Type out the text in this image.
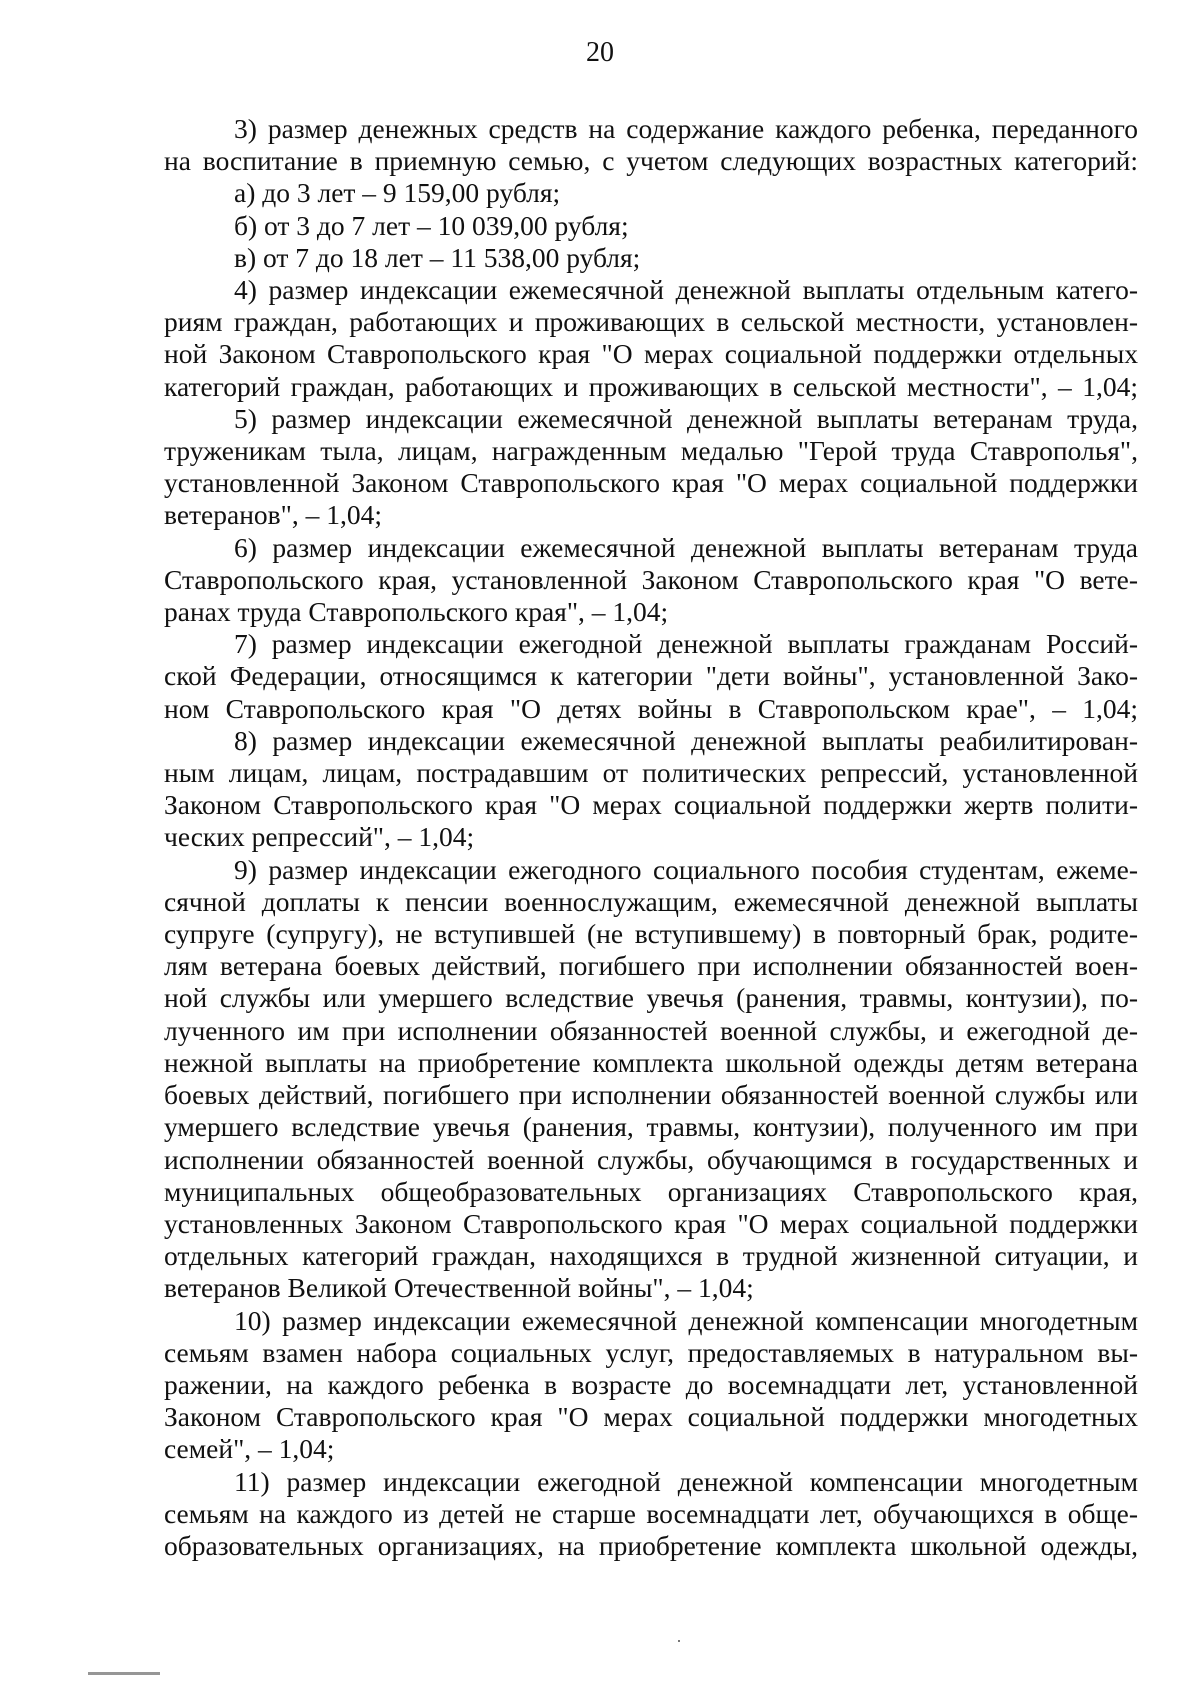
20
3) размер денежных средств на содержание каждого ребенка, переданного
на воспитание в приемную семью, с учетом следующих возрастных категорий:
а) до 3 лет – 9 159,00 рубля;
б) от 3 до 7 лет – 10 039,00 рубля;
в) от 7 до 18 лет – 11 538,00 рубля;
4) размер индексации ежемесячной денежной выплаты отдельным катего-
риям граждан, работающих и проживающих в сельской местности, установлен-
ной Законом Ставропольского края "О мерах социальной поддержки отдельных
категорий граждан, работающих и проживающих в сельской местности", – 1,04;
5) размер индексации ежемесячной денежной выплаты ветеранам труда,
труженикам тыла, лицам, награжденным медалью "Герой труда Ставрополья",
установленной Законом Ставропольского края "О мерах социальной поддержки
ветеранов", – 1,04;
6) размер индексации ежемесячной денежной выплаты ветеранам труда
Ставропольского края, установленной Законом Ставропольского края "О вете-
ранах труда Ставропольского края", – 1,04;
7) размер индексации ежегодной денежной выплаты гражданам Россий-
ской Федерации, относящимся к категории "дети войны", установленной Зако-
ном Ставропольского края "О детях войны в Ставропольском крае", – 1,04;
8) размер индексации ежемесячной денежной выплаты реабилитирован-
ным лицам, лицам, пострадавшим от политических репрессий, установленной
Законом Ставропольского края "О мерах социальной поддержки жертв полити-
ческих репрессий", – 1,04;
9) размер индексации ежегодного социального пособия студентам, ежеме-
сячной доплаты к пенсии военнослужащим, ежемесячной денежной выплаты
супруге (супругу), не вступившей (не вступившему) в повторный брак, родите-
лям ветерана боевых действий, погибшего при исполнении обязанностей воен-
ной службы или умершего вследствие увечья (ранения, травмы, контузии), по-
лученного им при исполнении обязанностей военной службы, и ежегодной де-
нежной выплаты на приобретение комплекта школьной одежды детям ветерана
боевых действий, погибшего при исполнении обязанностей военной службы или
умершего вследствие увечья (ранения, травмы, контузии), полученного им при
исполнении обязанностей военной службы, обучающимся в государственных и
муниципальных общеобразовательных организациях Ставропольского края,
установленных Законом Ставропольского края "О мерах социальной поддержки
отдельных категорий граждан, находящихся в трудной жизненной ситуации, и
ветеранов Великой Отечественной войны", – 1,04;
10) размер индексации ежемесячной денежной компенсации многодетным
семьям взамен набора социальных услуг, предоставляемых в натуральном вы-
ражении, на каждого ребенка в возрасте до восемнадцати лет, установленной
Законом Ставропольского края "О мерах социальной поддержки многодетных
семей", – 1,04;
11) размер индексации ежегодной денежной компенсации многодетным
семьям на каждого из детей не старше восемнадцати лет, обучающихся в обще-
образовательных организациях, на приобретение комплекта школьной одежды,
